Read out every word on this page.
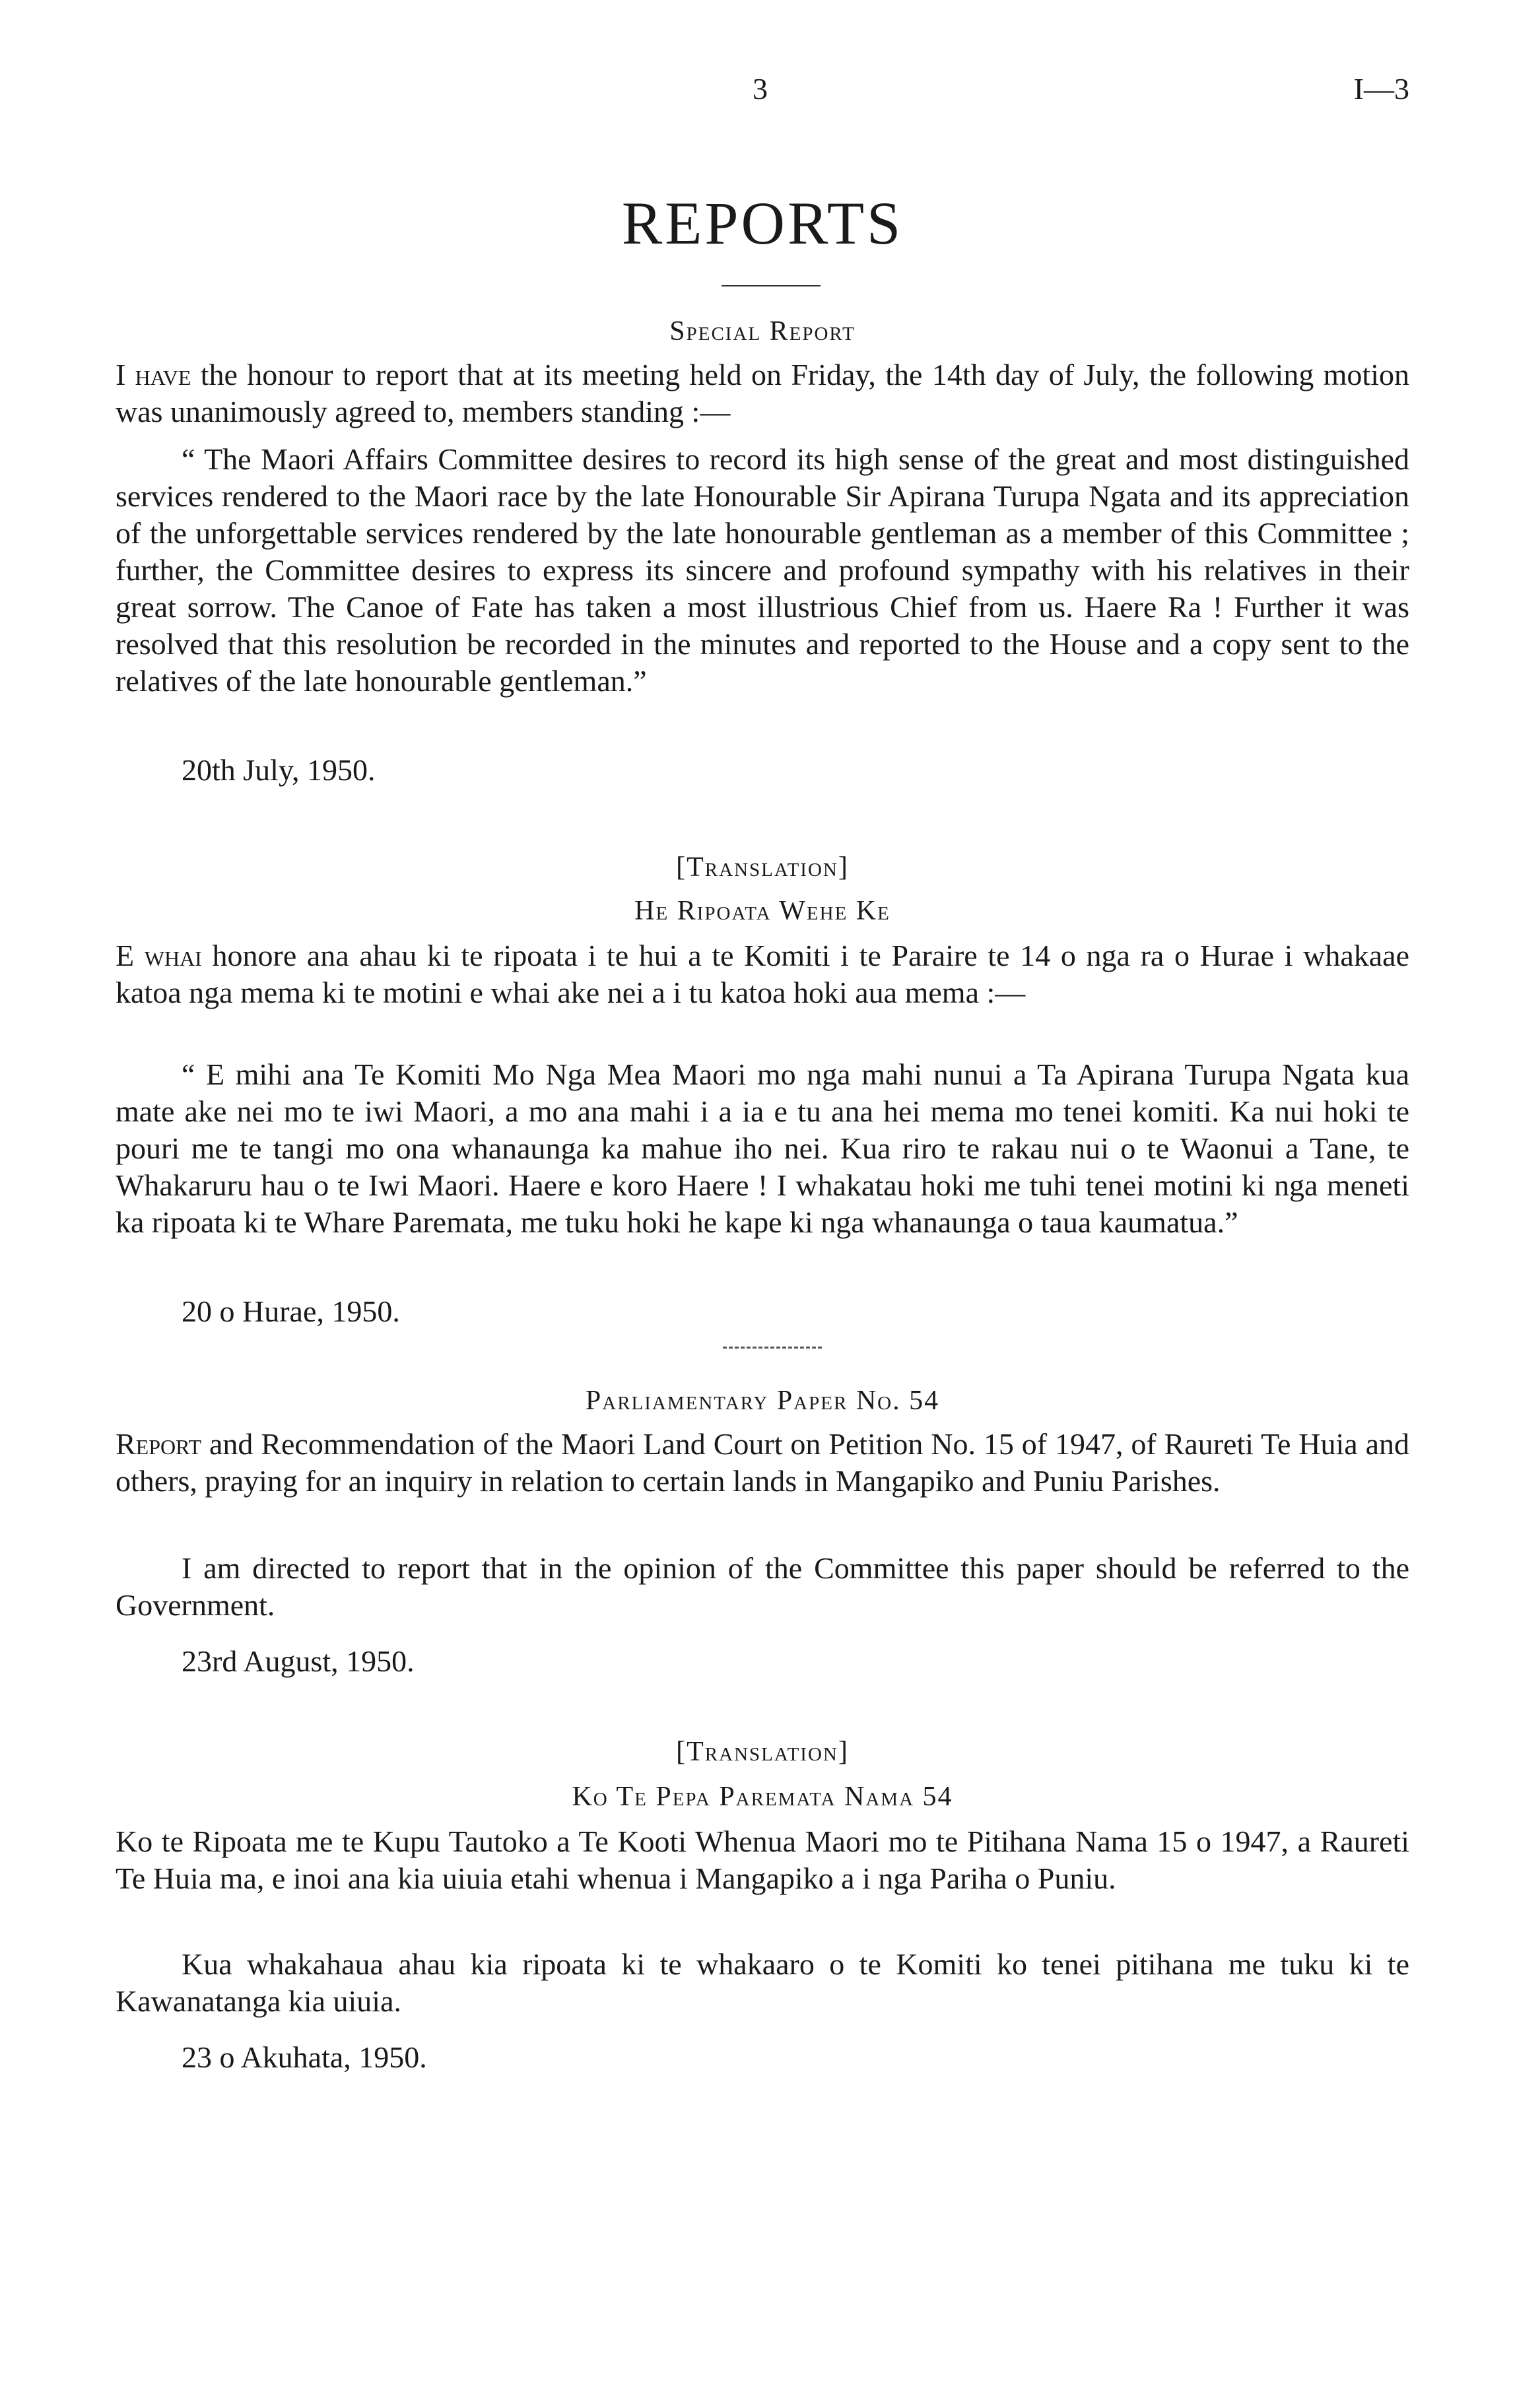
3	I—3
REPORTS
Special Report

I have the honour to report that at its meeting held on Friday, the 14th day of July, the following motion was unanimously agreed to, members standing :—

“ The Maori Affairs Committee desires to record its high sense of the great and most distinguished services rendered to the Maori race by the late Honourable Sir Apirana Turupa Ngata and its appreciation of the unforgettable services rendered by the late honourable gentleman as a member of this Committee ; further, the Committee desires to express its sincere and profound sympathy with his relatives in their great sorrow. The Canoe of Fate has taken a most illustrious Chief from us. Haere Ra ! Further it was resolved that this resolution be recorded in the minutes and reported to the House and a copy sent to the relatives of the late honourable gentleman.”

20th July, 1950.
[Translation]
He Ripoata Wehe Ke

E whai honore ana ahau ki te ripoata i te hui a te Komiti i te Paraire te 14 o nga ra o Hurae i whakaae katoa nga mema ki te motini e whai ake nei a i tu katoa hoki aua mema :—

“ E mihi ana Te Komiti Mo Nga Mea Maori mo nga mahi nunui a Ta Apirana Turupa Ngata kua mate ake nei mo te iwi Maori, a mo ana mahi i a ia e tu ana hei mema mo tenei komiti. Ka nui hoki te pouri me te tangi mo ona whanaunga ka mahue iho nei. Kua riro te rakau nui o te Waonui a Tane, te Whakaruru hau o te Iwi Maori. Haere e koro Haere ! I whakatau hoki me tuhi tenei motini ki nga meneti ka ripoata ki te Whare Paremata, me tuku hoki he kape ki nga whanaunga o taua kaumatua.”

20 o Hurae, 1950.
Parliamentary Paper No. 54

Report and Recommendation of the Maori Land Court on Petition No. 15 of 1947, of Raureti Te Huia and others, praying for an inquiry in relation to certain lands in Mangapiko and Puniu Parishes.

I am directed to report that in the opinion of the Committee this paper should be referred to the Government.

23rd August, 1950.
[Translation]
Ko Te Pepa Paremata Nama 54

Ko te Ripoata me te Kupu Tautoko a Te Kooti Whenua Maori mo te Pitihana Nama 15 o 1947, a Raureti Te Huia ma, e inoi ana kia uiuia etahi whenua i Mangapiko a i nga Pariha o Puniu.

Kua whakahaua ahau kia ripoata ki te whakaaro o te Komiti ko tenei pitihana me tuku ki te Kawanatanga kia uiuia.

23 o Akuhata, 1950.
